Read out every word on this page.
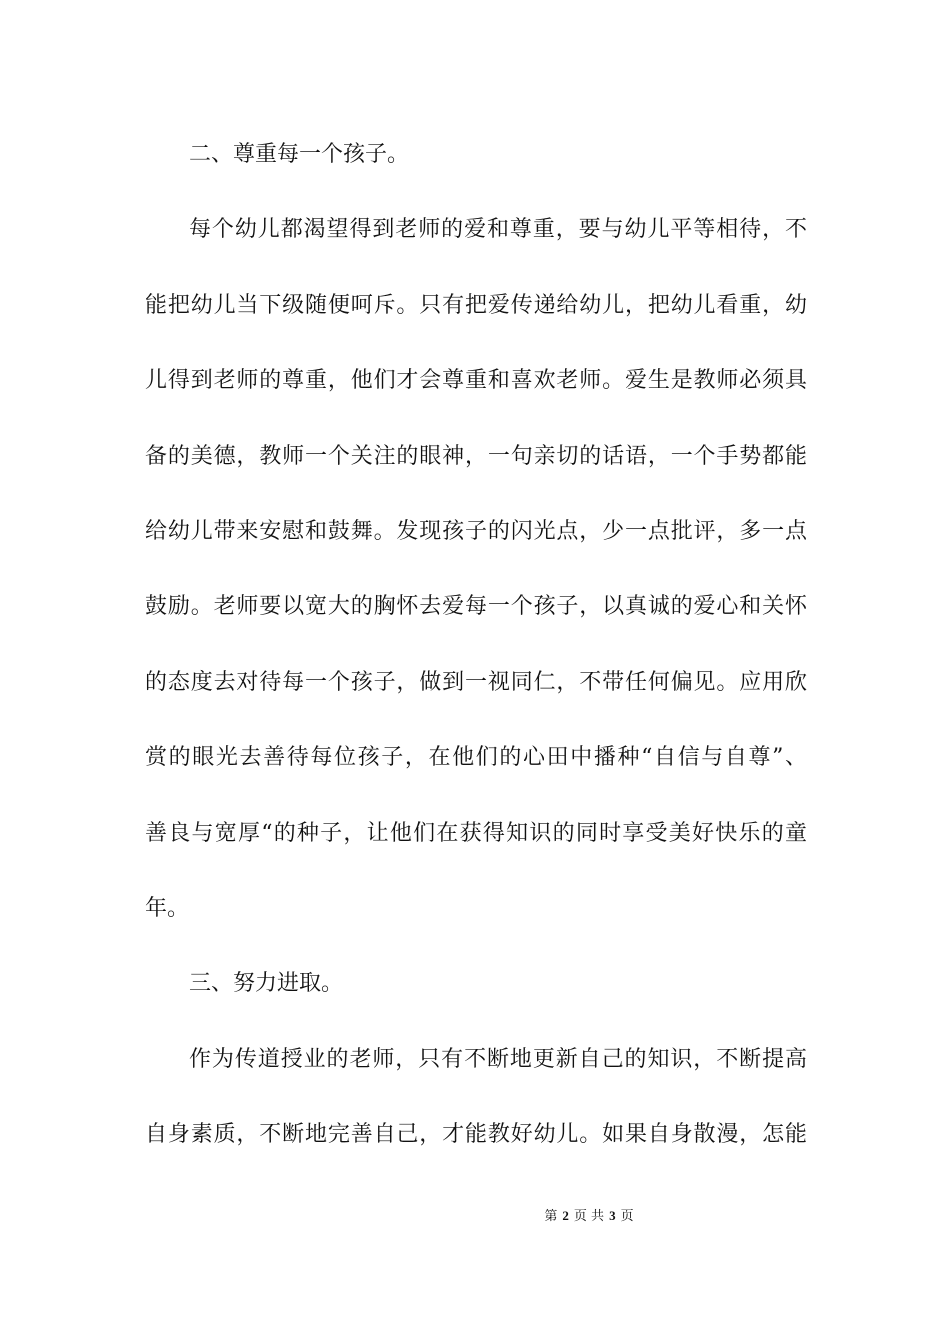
二、尊重每一个孩子。
每个幼儿都渴望得到老师的爱和尊重，要与幼儿平等相待，不
能把幼儿当下级随便呵斥。只有把爱传递给幼儿，把幼儿看重，幼
儿得到老师的尊重，他们才会尊重和喜欢老师。爱生是教师必须具
备的美德，教师一个关注的眼神，一句亲切的话语，一个手势都能
给幼儿带来安慰和鼓舞。发现孩子的闪光点，少一点批评，多一点
鼓励。老师要以宽大的胸怀去爱每一个孩子，以真诚的爱心和关怀
的态度去对待每一个孩子，做到一视同仁，不带任何偏见。应用欣
赏的眼光去善待每位孩子，在他们的心田中播种“自信与自尊”、
善良与宽厚“的种子，让他们在获得知识的同时享受美好快乐的童
年。
三、努力进取。
作为传道授业的老师，只有不断地更新自己的知识，不断提高
自身素质，不断地完善自己，才能教好幼儿。如果自身散漫，怎能
第 2 页 共 3 页
